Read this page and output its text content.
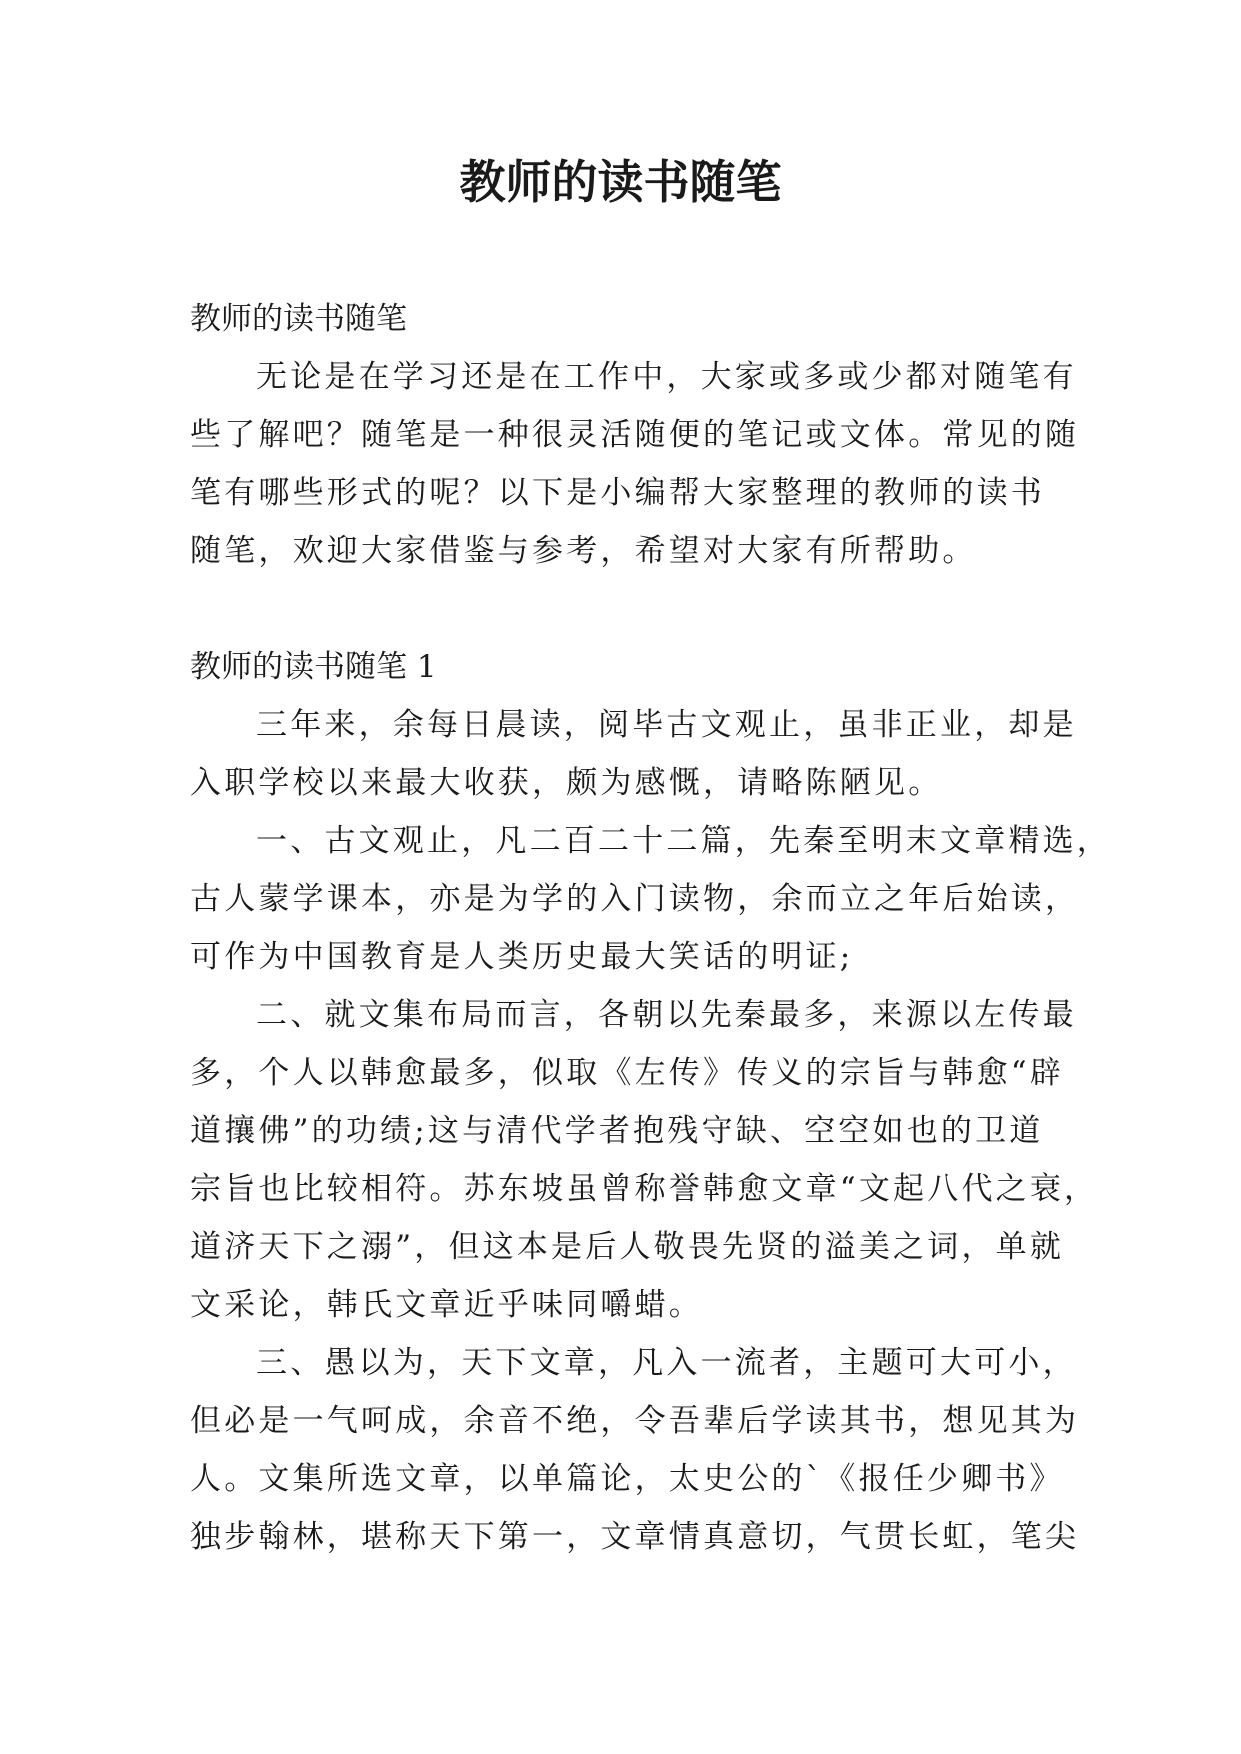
教师的读书随笔

教师的读书随笔

无论是在学习还是在工作中，大家或多或少都对随笔有

些了解吧？随笔是一种很灵活随便的笔记或文体。常见的随

笔有哪些形式的呢？以下是小编帮大家整理的教师的读书

随笔，欢迎大家借鉴与参考，希望对大家有所帮助。

教师的读书随笔 1

三年来，余每日晨读，阅毕古文观止，虽非正业，却是

入职学校以来最大收获，颇为感慨，请略陈陋见。

一、古文观止，凡二百二十二篇，先秦至明末文章精选，

古人蒙学课本，亦是为学的入门读物，余而立之年后始读，

可作为中国教育是人类历史最大笑话的明证;

二、就文集布局而言，各朝以先秦最多，来源以左传最

多，个人以韩愈最多，似取《左传》传义的宗旨与韩愈“辟

道攘佛”的功绩;这与清代学者抱残守缺、空空如也的卫道

宗旨也比较相符。苏东坡虽曾称誉韩愈文章“文起八代之衰，

道济天下之溺”，但这本是后人敬畏先贤的溢美之词，单就

文采论，韩氏文章近乎味同嚼蜡。

三、愚以为，天下文章，凡入一流者，主题可大可小，

但必是一气呵成，余音不绝，令吾辈后学读其书，想见其为

人。文集所选文章，以单篇论，太史公的`《报任少卿书》

独步翰林，堪称天下第一，文章情真意切，气贯长虹，笔尖
